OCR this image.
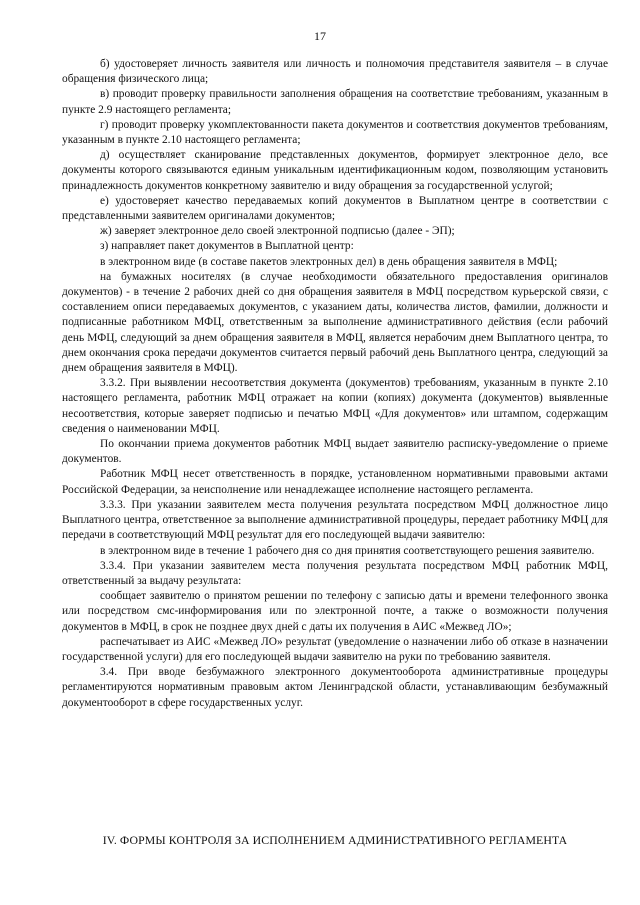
17

б) удостоверяет личность заявителя или личность и полномочия представителя заявителя – в случае обращения физического лица;

в) проводит проверку правильности заполнения обращения на соответствие требованиям, указанным в пункте 2.9 настоящего регламента;

г) проводит проверку укомплектованности пакета документов и соответствия документов требованиям, указанным в пункте 2.10 настоящего регламента;

д) осуществляет сканирование представленных документов, формирует электронное дело, все документы которого связываются единым уникальным идентификационным кодом, позволяющим установить принадлежность документов конкретному заявителю и виду обращения за государственной услугой;

е) удостоверяет качество передаваемых копий документов в Выплатном центре в соответствии с представленными заявителем оригиналами документов;

ж) заверяет электронное дело своей электронной подписью (далее - ЭП);

з) направляет пакет документов в Выплатной центр:

в электронном виде (в составе пакетов электронных дел) в день обращения заявителя в МФЦ;

на бумажных носителях (в случае необходимости обязательного предоставления оригиналов документов) - в течение 2 рабочих дней со дня обращения заявителя в МФЦ посредством курьерской связи, с составлением описи передаваемых документов, с указанием даты, количества листов, фамилии, должности и подписанные работником МФЦ, ответственным за выполнение административного действия (если рабочий день МФЦ, следующий за днем обращения заявителя в МФЦ, является нерабочим днем Выплатного центра, то днем окончания срока передачи документов считается первый рабочий день Выплатного центра, следующий за днем обращения заявителя в МФЦ).

3.3.2. При выявлении несоответствия документа (документов) требованиям, указанным в пункте 2.10 настоящего регламента, работник МФЦ отражает на копии (копиях) документа (документов) выявленные несоответствия, которые заверяет подписью и печатью МФЦ «Для документов» или штампом, содержащим сведения о наименовании МФЦ.

По окончании приема документов работник МФЦ выдает заявителю расписку-уведомление о приеме документов.

Работник МФЦ несет ответственность в порядке, установленном нормативными правовыми актами Российской Федерации, за неисполнение или ненадлежащее исполнение настоящего регламента.

3.3.3. При указании заявителем места получения результата посредством МФЦ должностное лицо Выплатного центра, ответственное за выполнение административной процедуры, передает работнику МФЦ для передачи в соответствующий МФЦ результат для его последующей выдачи заявителю:

в электронном виде в течение 1 рабочего дня со дня принятия соответствующего решения заявителю.

3.3.4. При указании заявителем места получения результата посредством МФЦ работник МФЦ, ответственный за выдачу результата:

сообщает заявителю о принятом решении по телефону с записью даты и времени телефонного звонка или посредством смс-информирования или по электронной почте, а также о возможности получения документов в МФЦ, в срок не позднее двух дней с даты их получения в АИС «Межвед ЛО»;

распечатывает из АИС «Межвед ЛО» результат (уведомление о назначении либо об отказе в назначении государственной услуги) для его последующей выдачи заявителю на руки по требованию заявителя.

3.4. При вводе безбумажного электронного документооборота административные процедуры регламентируются нормативным правовым актом Ленинградской области, устанавливающим безбумажный документооборот в сфере государственных услуг.

IV. ФОРМЫ КОНТРОЛЯ ЗА ИСПОЛНЕНИЕМ АДМИНИСТРАТИВНОГО РЕГЛАМЕНТА
